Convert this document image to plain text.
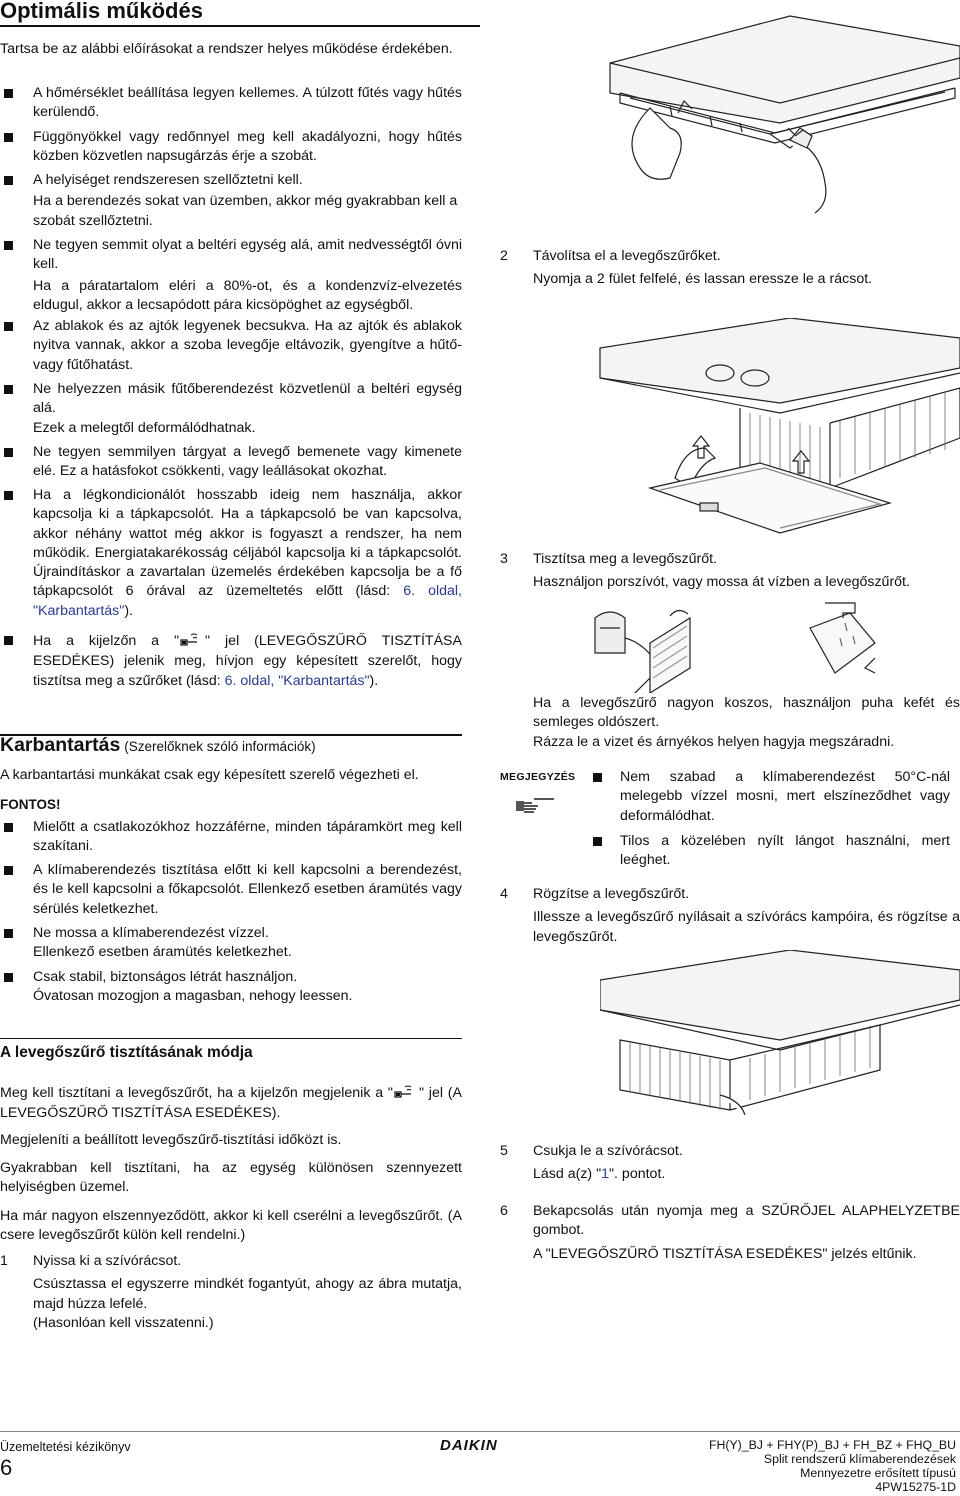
Optimális működés

Tartsa be az alábbi előírásokat a rendszer helyes működése érdekében.

A hőmérséklet beállítása legyen kellemes. A túlzott fűtés vagy hűtés kerülendő.
Függönyökkel vagy redőnnyel meg kell akadályozni, hogy hűtés közben közvetlen napsugárzás érje a szobát.
A helyiséget rendszeresen szellőztetni kell.
Ha a berendezés sokat van üzemben, akkor még gyakrabban kell a szobát szellőztetni.
Ne tegyen semmit olyat a beltéri egység alá, amit nedvességtől óvni kell.
Ha a páratartalom eléri a 80%-ot, és a kondenzvíz-elvezetés eldugul, akkor a lecsapódott pára kicsöpöghet az egységből.
Az ablakok és az ajtók legyenek becsukva. Ha az ajtók és ablakok nyitva vannak, akkor a szoba levegője eltávozik, gyengítve a hűtő- vagy fűtőhatást.
Ne helyezzen másik fűtőberendezést közvetlenül a beltéri egység alá.
Ezek a melegtől deformálódhatnak.
Ne tegyen semmilyen tárgyat a levegő bemenete vagy kimenete elé. Ez a hatásfokot csökkenti, vagy leállásokat okozhat.
Ha a légkondicionálót hosszabb ideig nem használja, akkor kapcsolja ki a tápkapcsolót. Ha a tápkapcsoló be van kapcsolva, akkor néhány wattot még akkor is fogyaszt a rendszer, ha nem működik. Energiatakarékosság céljából kapcsolja ki a tápkapcsolót. Újraindításkor a zavartalan üzemelés érdekében kapcsolja be a fő tápkapcsolót 6 órával az üzemeltetés előtt (lásd: 6. oldal, "Karbantartás").
Ha a kijelzőn a " " jel (LEVEGŐSZŰRŐ TISZTÍTÁSA ESEDÉKES) jelenik meg, hívjon egy képesített szerelőt, hogy tisztítsa meg a szűrőket (lásd: 6. oldal, "Karbantartás").
Karbantartás (Szerelőknek szóló információk)

A karbantartási munkákat csak egy képesített szerelő végezheti el.

FONTOS!
Mielőtt a csatlakozókhoz hozzáférne, minden tápáramkört meg kell szakítani.
A klímaberendezés tisztítása előtt ki kell kapcsolni a berendezést, és le kell kapcsolni a főkapcsolót. Ellenkező esetben áramütés vagy sérülés keletkezhet.
Ne mossa a klímaberendezést vízzel.
Ellenkező esetben áramütés keletkezhet.
Csak stabil, biztonságos létrát használjon.
Óvatosan mozogjon a magasban, nehogy leessen.
A levegőszűrő tisztításának módja

Meg kell tisztítani a levegőszűrőt, ha a kijelzőn megjelenik a " " jel (A LEVEGŐSZŰRŐ TISZTÍTÁSA ESEDÉKES).

Megjeleníti a beállított levegőszűrő-tisztítási időközt is.

Gyakrabban kell tisztítani, ha az egység különösen szennyezett helyiségben üzemel.

Ha már nagyon elszennyeződött, akkor ki kell cserélni a levegőszűrőt. (A csere levegőszűrőt külön kell rendelni.)

1	Nyissa ki a szívórácsot.
Csúsztassa el egyszerre mindkét fogantyút, ahogy az ábra mutatja, majd húzza lefelé.
(Hasonlóan kell visszatenni.)
2	Távolítsa el a levegőszűrőket.
Nyomja a 2 fület felfelé, és lassan eressze le a rácsot.
3	Tisztítsa meg a levegőszűrőt.
Használjon porszívót, vagy mossa át vízben a levegőszűrőt.
Ha a levegőszűrő nagyon koszos, használjon puha kefét és semleges oldószert.
Rázza le a vizet és árnyékos helyen hagyja megszáradni.
MEGJEGYZÉS	Nem szabad a klímaberendezést 50°C-nál melegebb vízzel mosni, mert elszíneződhet vagy deformálódhat.
Tilos a közelében nyílt lángot használni, mert leéghet.
4	Rögzítse a levegőszűrőt.
Illessze a levegőszűrő nyílásait a szívórács kampóira, és rögzítse a levegőszűrőt.
5	Csukja le a szívórácsot.
Lásd a(z) "1". pontot.
6	Bekapcsolás után nyomja meg a SZŰRŐJEL ALAPHELYZETBE gombot.
A "LEVEGŐSZŰRŐ TISZTÍTÁSA ESEDÉKES" jelzés eltűnik.
Üzemeltetési kézikönyv
6
DAIKIN	FH(Y)_BJ + FHY(P)_BJ + FH_BZ + FHQ_BU
Split rendszerű klímaberendezések
Mennyezetre erősített típusú
4PW15275-1D
